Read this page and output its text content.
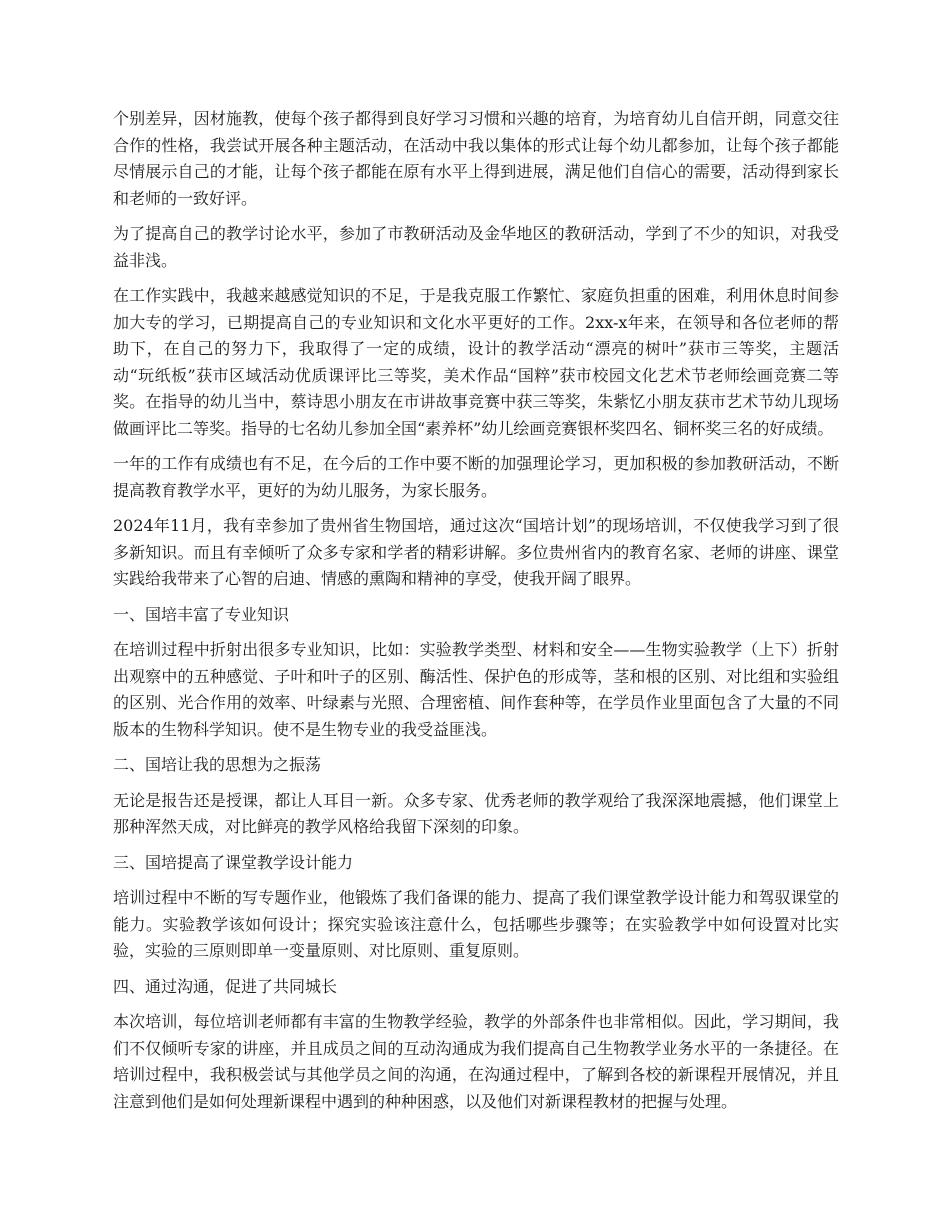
个别差异，因材施教，使每个孩子都得到良好学习习惯和兴趣的培育，为培育幼儿自信开朗，同意交往合作的性格，我尝试开展各种主题活动，在活动中我以集体的形式让每个幼儿都参加，让每个孩子都能尽情展示自己的才能，让每个孩子都能在原有水平上得到进展，满足他们自信心的需要，活动得到家长和老师的一致好评。

为了提高自己的教学讨论水平，参加了市教研活动及金华地区的教研活动，学到了不少的知识，对我受益非浅。

在工作实践中，我越来越感觉知识的不足，于是我克服工作繁忙、家庭负担重的困难，利用休息时间参加大专的学习，已期提高自己的专业知识和文化水平更好的工作。2xx-x年来，在领导和各位老师的帮助下，在自己的努力下，我取得了一定的成绩，设计的教学活动“漂亮的树叶”获市三等奖，主题活动“玩纸板”获市区域活动优质课评比三等奖，美术作品“国粹”获市校园文化艺术节老师绘画竞赛二等奖。在指导的幼儿当中，蔡诗思小朋友在市讲故事竞赛中获三等奖，朱紫忆小朋友获市艺术节幼儿现场做画评比二等奖。指导的七名幼儿参加全国“素养杯”幼儿绘画竞赛银杯奖四名、铜杯奖三名的好成绩。

一年的工作有成绩也有不足，在今后的工作中要不断的加强理论学习，更加积极的参加教研活动，不断提高教育教学水平，更好的为幼儿服务，为家长服务。

2024年11月，我有幸参加了贵州省生物国培，通过这次“国培计划”的现场培训，不仅使我学习到了很多新知识。而且有幸倾听了众多专家和学者的精彩讲解。多位贵州省内的教育名家、老师的讲座、课堂实践给我带来了心智的启迪、情感的熏陶和精神的享受，使我开阔了眼界。

一、国培丰富了专业知识

在培训过程中折射出很多专业知识，比如：实验教学类型、材料和安全——生物实验教学（上下）折射出观察中的五种感觉、子叶和叶子的区别、酶活性、保护色的形成等，茎和根的区别、对比组和实验组的区别、光合作用的效率、叶绿素与光照、合理密植、间作套种等，在学员作业里面包含了大量的不同版本的生物科学知识。使不是生物专业的我受益匪浅。

二、国培让我的思想为之振荡

无论是报告还是授课，都让人耳目一新。众多专家、优秀老师的教学观给了我深深地震撼，他们课堂上那种浑然天成，对比鲜亮的教学风格给我留下深刻的印象。

三、国培提高了课堂教学设计能力

培训过程中不断的写专题作业，他锻炼了我们备课的能力、提高了我们课堂教学设计能力和驾驭课堂的能力。实验教学该如何设计；探究实验该注意什么，包括哪些步骤等；在实验教学中如何设置对比实验，实验的三原则即单一变量原则、对比原则、重复原则。

四、通过沟通，促进了共同城长

本次培训，每位培训老师都有丰富的生物教学经验，教学的外部条件也非常相似。因此，学习期间，我们不仅倾听专家的讲座，并且成员之间的互动沟通成为我们提高自己生物教学业务水平的一条捷径。在培训过程中，我积极尝试与其他学员之间的沟通，在沟通过程中，了解到各校的新课程开展情况，并且注意到他们是如何处理新课程中遇到的种种困惑，以及他们对新课程教材的把握与处理。
